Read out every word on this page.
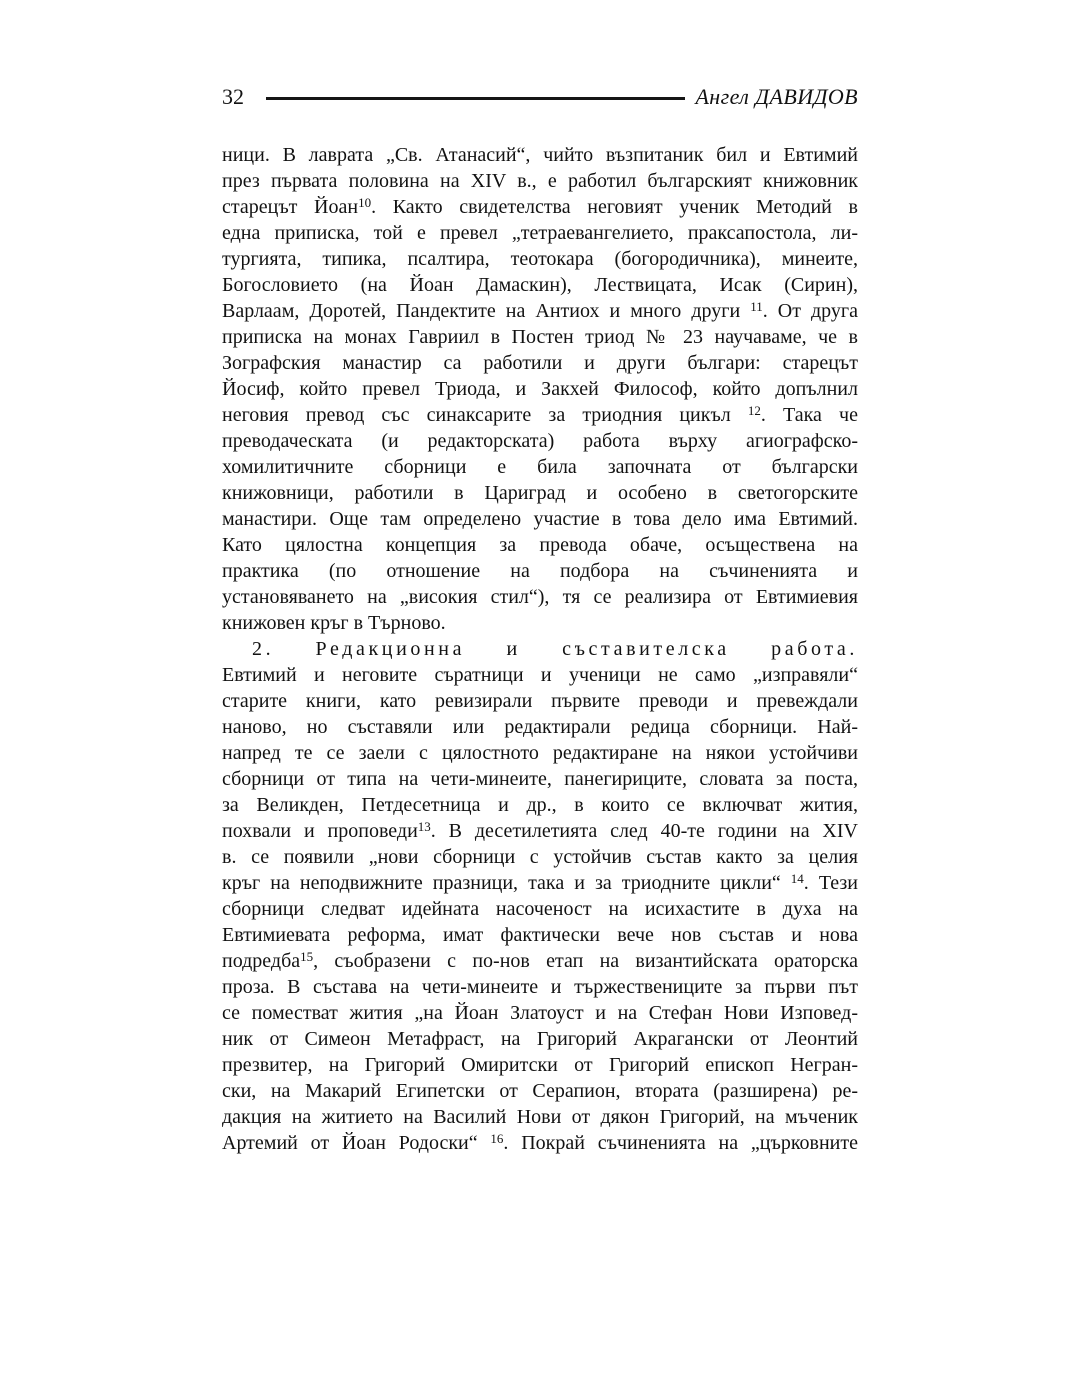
32	Ангел ДАВИДОВ
ници. В лаврата „Св. Атанасий“, чийто възпитаник бил и Евтимий
през първата половина на XIV в., е работил българският книжовник
старецът Йоан$^{10}$. Както свидетелства неговият ученик Методий в
една приписка, той е превел „тетраевангелието, праксапостола, ли-
тургията, типика, псалтира, теотокара (богородичника), минеите,
Богословието (на Йоан Дамаскин), Лествицата, Исак (Сирин),
Варлаам, Доротей, Пандектите на Антиох и много други $^{11}$. От друга
приписка на монах Гавриил в Постен триод № 23 научаваме, че в
Зографския манастир са работили и други българи: старецът
Йосиф, който превел Триода, и Закхей Философ, който допълнил
неговия превод със синаксарите за триодния цикъл $^{12}$. Така че
преводаческата (и редакторската) работа върху агиографско-
хомилитичните сборници е била започната от български
книжовници, работили в Цариград и особено в светогорските
манастири. Още там определено участие в това дело има Евтимий.
Като цялостна концепция за превода обаче, осъществена на
практика (по отношение на подбора на съчиненията и
установяването на „високия стил“), тя се реализира от Евтимиевия
книжовен кръг в Търново.
2. Редакционна и съставителска работа.
Евтимий и неговите съратници и ученици не само „изправяли“
старите книги, като ревизирали първите преводи и превеждали
наново, но съставяли или редактирали редица сборници. Най-
напред те се заели с цялостното редактиране на някои устойчиви
сборници от типа на чети-минеите, панегириците, словата за поста,
за Великден, Петдесетница и др., в които се включват жития,
похвали и проповеди$^{13}$. В десетилетията след 40-те години на XIV
в. се появили „нови сборници с устойчив състав както за целия
кръг на неподвижните празници, така и за триодните цикли“ $^{14}$. Тези
сборници следват идейната насоченост на исихастите в духа на
Евтимиевата реформа, имат фактически вече нов състав и нова
подредба$^{15}$, съобразени с по-нов етап на византийската ораторска
проза. В състава на чети-минеите и тържествениците за първи път
се поместват жития „на Йоан Златоуст и на Стефан Нови Изповед-
ник от Симеон Метафраст, на Григорий Акрагански от Леонтий
презвитер, на Григорий Омиритски от Григорий епископ Негран-
ски, на Макарий Египетски от Серапион, втората (разширена) ре-
дакция на житието на Василий Нови от дякон Григорий, на мъченик
Артемий от Йоан Родоски“ $^{16}$. Покрай съчиненията на „църковните
